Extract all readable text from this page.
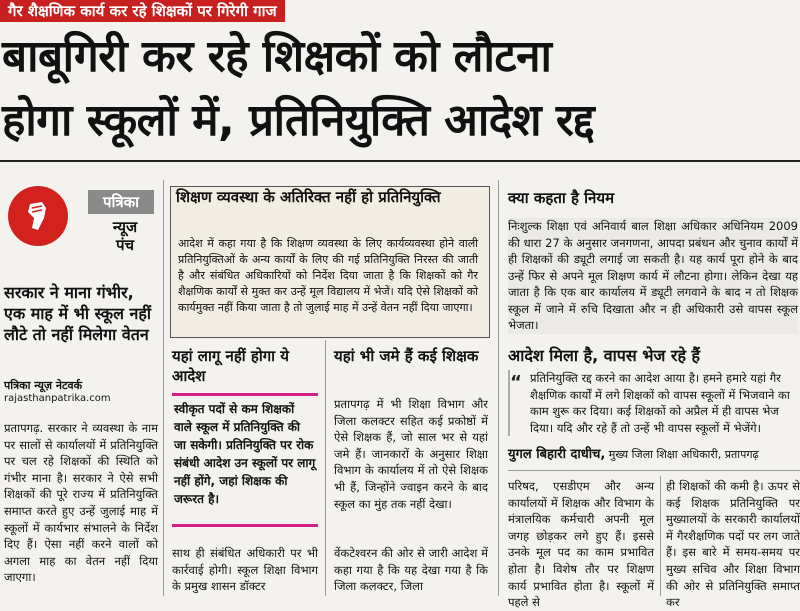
गैर शैक्षणिक कार्य कर रहे शिक्षकों पर गिरेगी गाज
बाबूगिरी कर रहे शिक्षकों को लौटना
होगा स्कूलों में, प्रतिनियुक्ति आदेश रद्द
पत्रिका
न्यूज
पंच
सरकार ने माना गंभीर, एक माह में भी स्कूल नहीं लौटे तो नहीं मिलेगा वेतन
पत्रिका न्यूज़ नेटवर्क
rajasthanpatrika.com
प्रतापगढ़. सरकार ने व्यवस्था के नाम पर सालों से कार्यालयों में प्रतिनियुक्ति पर चल रहे शिक्षकों की स्थिति को गंभीर माना है। सरकार ने ऐसे सभी शिक्षकों की पूरे राज्य में प्रतिनियुक्ति समाप्त करते हुए उन्हें जुलाई माह में स्कूलों में कार्यभार संभालने के निर्देश दिए हैं। ऐसा नहीं करने वालों को अगला माह का वेतन नहीं दिया जाएगा।
शिक्षण व्यवस्था के अतिरिक्त नहीं हो प्रतिनियुक्ति
आदेश में कहा गया है कि शिक्षण व्यवस्था के लिए कार्यव्यवस्था होने वाली प्रतिनियुक्तिओं के अन्य कार्यों के लिए की गई प्रतिनियुक्ति निरस्त की जाती है और संबंधित अधिकारियों को निर्देश दिया जाता है कि शिक्षकों को गैर शैक्षणिक कार्यों से मुक्त कर उन्हें मूल विद्यालय में भेजें। यदि ऐसे शिक्षकों को कार्यमुक्त नहीं किया जाता है तो जुलाई माह में उन्हें वेतन नहीं दिया जाएगा।
क्या कहता है नियम
निःशुल्क शिक्षा एवं अनिवार्य बाल शिक्षा अधिकार अधिनियम 2009 की धारा 27 के अनुसार जनगणना, आपदा प्रबंधन और चुनाव कार्यों में ही शिक्षकों की ड्यूटी लगाई जा सकती है। यह कार्य पूरा होने के बाद उन्हें फिर से अपने मूल शिक्षण कार्य में लौटना होगा। लेकिन देखा यह जाता है कि एक बार कार्यालय में ड्यूटी लगवाने के बाद न तो शिक्षक स्कूल में जाने में रुचि दिखाता और न ही अधिकारी उसे वापस स्कूल भेजता।
यहां लागू नहीं होगा ये आदेश
स्वीकृत पदों से कम शिक्षकों वाले स्कूल में प्रतिनियुक्ति की जा सकेगी। प्रतिनियुक्ति पर रोक संबंधी आदेश उन स्कूलों पर लागू नहीं होंगे, जहां शिक्षक की जरूरत है।
साथ ही संबंधित अधिकारी पर भी कार्रवाई होगी। स्कूल शिक्षा विभाग के प्रमुख शासन डॉक्टर
यहां भी जमे हैं कई शिक्षक
प्रतापगढ़ में भी शिक्षा विभाग और जिला कलक्टर सहित कई प्रकोष्ठों में ऐसे शिक्षक हैं, जो साल भर से यहां जमे हैं। जानकारों के अनुसार शिक्षा विभाग के कार्यालय में तो ऐसे शिक्षक भी हैं, जिन्होंने ज्वाइन करने के बाद स्कूल का मुंह तक नहीं देखा।
वेंकटेश्वरन की ओर से जारी आदेश में कहा गया है कि यह देखा गया है कि जिला कलक्टर, जिला
आदेश मिला है, वापस भेज रहे हैं
“ प्रतिनियुक्ति रद्द करने का आदेश आया है। हमने हमारे यहां गैर शैक्षणिक कार्यों में लगे शिक्षकों को वापस स्कूलों में भिजवाने का काम शुरू कर दिया। कई शिक्षकों को अप्रैल में ही वापस भेज दिया। यदि और रहे हैं तो उन्हें भी वापस स्कूलों में भेजेंगे।
युगल बिहारी दाधीच, मुख्य जिला शिक्षा अधिकारी, प्रतापगढ़
परिषद, एसडीएम और अन्य कार्यालयों में शिक्षक और विभाग के मंत्रालयिक कर्मचारी अपनी मूल जगह छोड़कर लगे हुए हैं। इससे उनके मूल पद का काम प्रभावित होता है। विशेष तौर पर शिक्षण कार्य प्रभावित होता है। स्कूलों में पहले से
ही शिक्षकों की कमी है। ऊपर से कई शिक्षक प्रतिनियुक्ति पर मुख्यालयों के सरकारी कार्यालयों में गैरशैक्षणिक पदों पर लग जाते हैं। इस बारे में समय-समय पर मुख्य सचिव और शिक्षा विभाग की ओर से प्रतिनियुक्ति समाप्त कर
